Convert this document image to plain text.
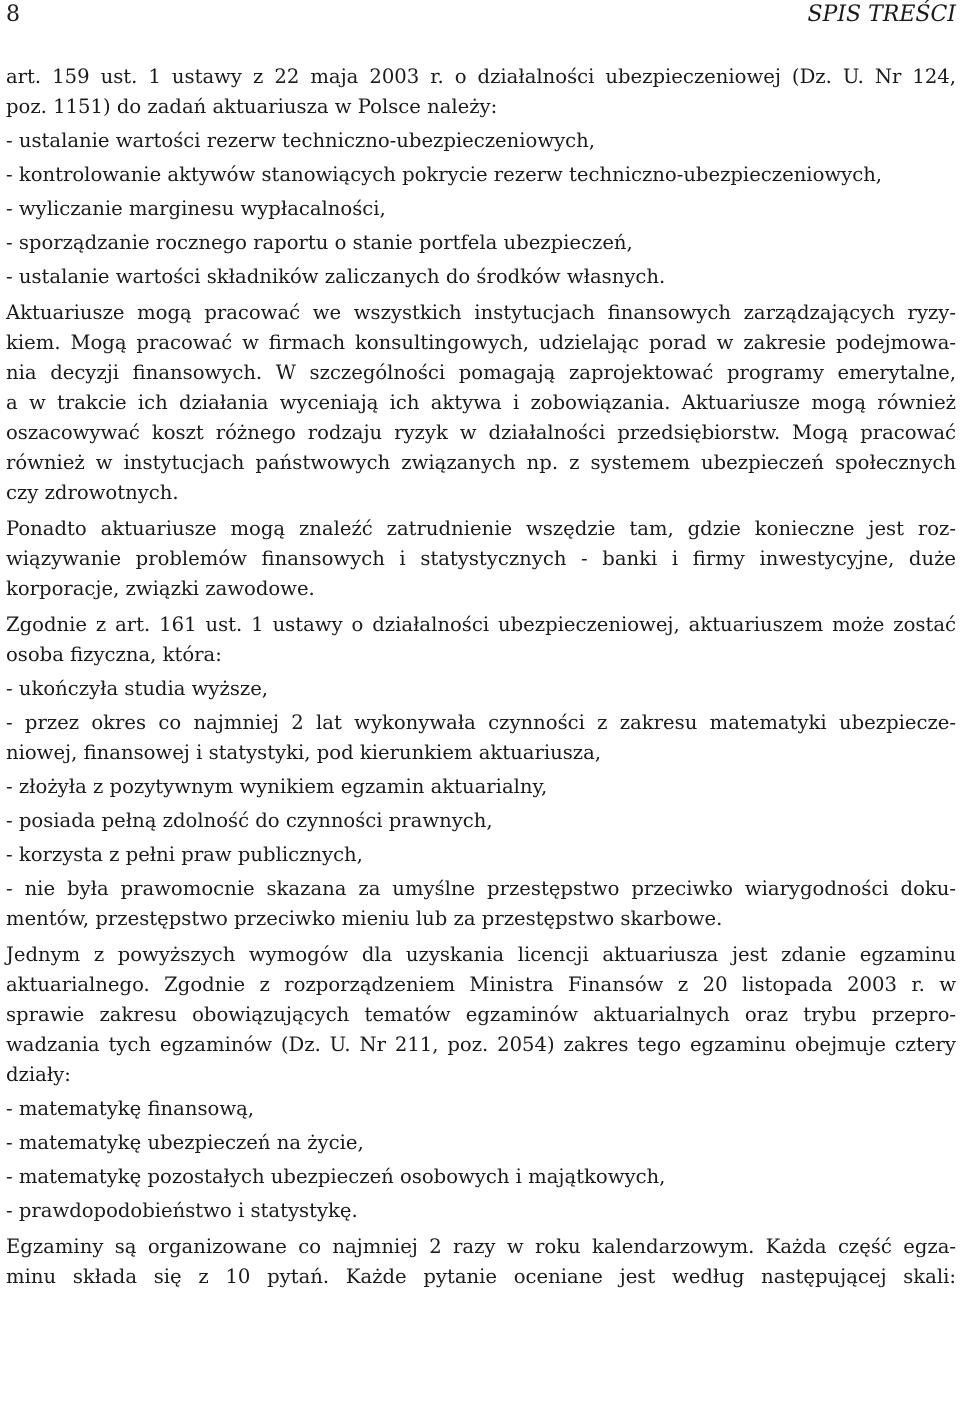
8	SPIS TREŚCI
art. 159 ust. 1 ustawy z 22 maja 2003 r. o działalności ubezpieczeniowej (Dz. U. Nr 124,
poz. 1151) do zadań aktuariusza w Polsce należy:
- ustalanie wartości rezerw techniczno-ubezpieczeniowych,
- kontrolowanie aktywów stanowiących pokrycie rezerw techniczno-ubezpieczeniowych,
- wyliczanie marginesu wypłacalności,
- sporządzanie rocznego raportu o stanie portfela ubezpieczeń,
- ustalanie wartości składników zaliczanych do środków własnych.
Aktuariusze mogą pracować we wszystkich instytucjach finansowych zarządzających ryzy-
kiem. Mogą pracować w firmach konsultingowych, udzielając porad w zakresie podejmowa-
nia decyzji finansowych. W szczególności pomagają zaprojektować programy emerytalne,
a w trakcie ich działania wyceniają ich aktywa i zobowiązania. Aktuariusze mogą również
oszacowywać koszt różnego rodzaju ryzyk w działalności przedsiębiorstw. Mogą pracować
również w instytucjach państwowych związanych np. z systemem ubezpieczeń społecznych
czy zdrowotnych.
Ponadto aktuariusze mogą znaleźć zatrudnienie wszędzie tam, gdzie konieczne jest roz-
wiązywanie problemów finansowych i statystycznych - banki i firmy inwestycyjne, duże
korporacje, związki zawodowe.
Zgodnie z art. 161 ust. 1 ustawy o działalności ubezpieczeniowej, aktuariuszem może zostać
osoba fizyczna, która:
- ukończyła studia wyższe,
- przez okres co najmniej 2 lat wykonywała czynności z zakresu matematyki ubezpiecze-
niowej, finansowej i statystyki, pod kierunkiem aktuariusza,
- złożyła z pozytywnym wynikiem egzamin aktuarialny,
- posiada pełną zdolność do czynności prawnych,
- korzysta z pełni praw publicznych,
- nie była prawomocnie skazana za umyślne przestępstwo przeciwko wiarygodności doku-
mentów, przestępstwo przeciwko mieniu lub za przestępstwo skarbowe.
Jednym z powyższych wymogów dla uzyskania licencji aktuariusza jest zdanie egzaminu
aktuarialnego. Zgodnie z rozporządzeniem Ministra Finansów z 20 listopada 2003 r. w
sprawie zakresu obowiązujących tematów egzaminów aktuarialnych oraz trybu przepro-
wadzania tych egzaminów (Dz. U. Nr 211, poz. 2054) zakres tego egzaminu obejmuje cztery
działy:
- matematykę finansową,
- matematykę ubezpieczeń na życie,
- matematykę pozostałych ubezpieczeń osobowych i majątkowych,
- prawdopodobieństwo i statystykę.
Egzaminy są organizowane co najmniej 2 razy w roku kalendarzowym. Każda część egza-
minu składa się z 10 pytań. Każde pytanie oceniane jest według następującej skali:
